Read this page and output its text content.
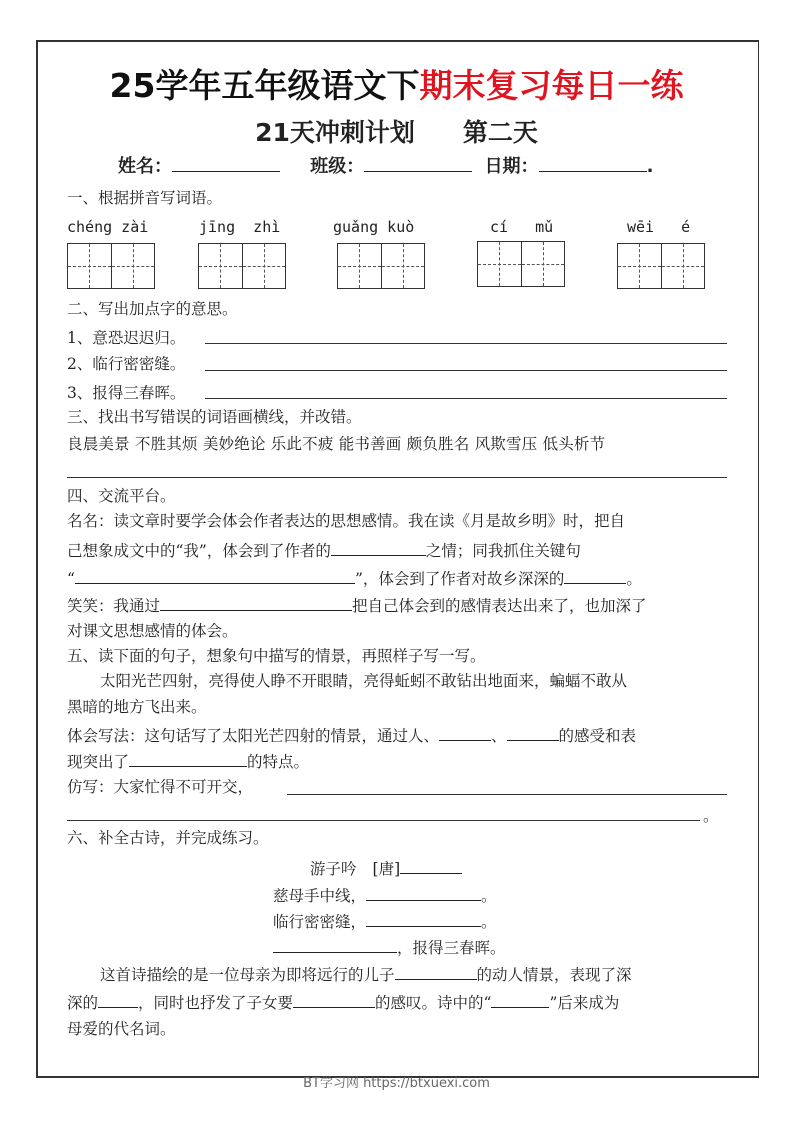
25学年五年级语文下期末复习每日一练
21天冲刺计划 第二天
姓名：	班级：	日期：	.
一、根据拼音写词语。
chéng zài	jīng  zhì	guǎng kuò	cí   mǔ	wēi   é
二、写出加点字的意思。
1、意恐迟迟归。
2、临行密密缝。
3、报得三春晖。
三、找出书写错误的词语画横线，并改错。
良晨美景 不胜其烦 美妙绝论 乐此不疲 能书善画 颇负胜名 风欺雪压 低头析节
四、交流平台。
名名：读文章时要学会体会作者表达的思想感情。我在读《月是故乡明》时，把自
己想象成文中的“我”，体会到了作者的	之情；同我抓住关键句
“	”，体会到了作者对故乡深深的	。
笑笑：我通过	把自己体会到的感情表达出来了，也加深了
对课文思想感情的体会。
五、读下面的句子，想象句中描写的情景，再照样子写一写。
太阳光芒四射，亮得使人睁不开眼睛，亮得蚯蚓不敢钻出地面来，蝙蝠不敢从
黑暗的地方飞出来。
体会写法：这句话写了太阳光芒四射的情景，通过人、	、	的感受和表
现突出了	的特点。
仿写：大家忙得不可开交，
。
六、补全古诗，并完成练习。
游子吟 [唐]
慈母手中线，	。
临行密密缝，	。
，报得三春晖。
这首诗描绘的是一位母亲为即将远行的儿子	的动人情景，表现了深
深的	，同时也抒发了子女要	的感叹。诗中的“	”后来成为
母爱的代名词。
BT学习网 https://btxuexi.com
